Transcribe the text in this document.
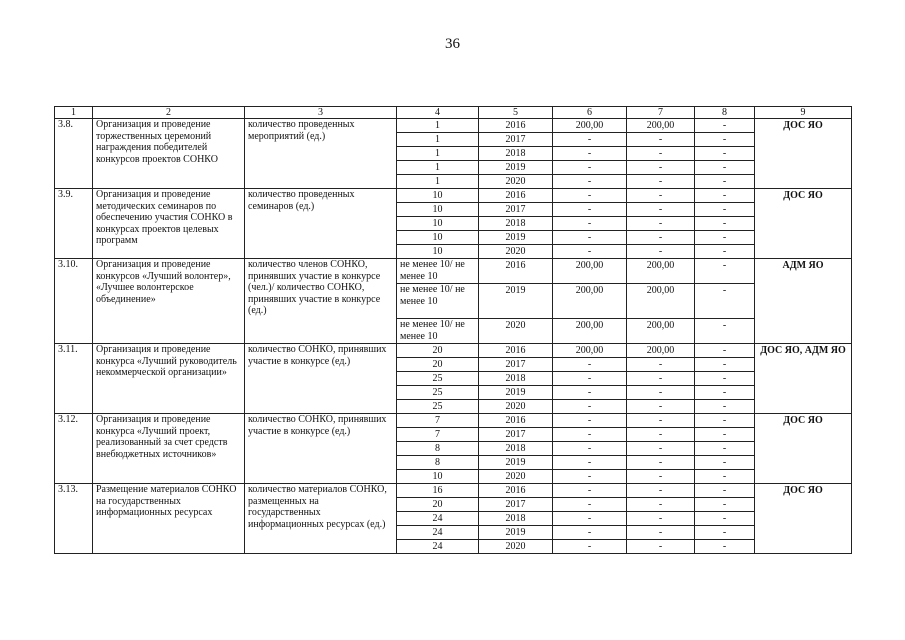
36
1	2	3	4	5	6	7	8	9
3.8.	Организация и проведение торжественных церемоний награждения победителей конкурсов проектов СОНКО	количество проведенных мероприятий (ед.)	1	2016	200,00	200,00	-	ДОС ЯО
			1	2017	-	-	-	
			1	2018	-	-	-	
			1	2019	-	-	-	
			1	2020	-	-	-	
3.9.	Организация и проведение методических семинаров по обеспечению участия СОНКО в конкурсах проектов целевых программ	количество проведенных семинаров (ед.)	10	2016	-	-	-	ДОС ЯО
			10	2017	-	-	-	
			10	2018	-	-	-	
			10	2019	-	-	-	
			10	2020	-	-	-	
3.10.	Организация и проведение конкурсов «Лучший волонтер», «Лучшее волонтерское объединение»	количество членов СОНКО, принявших участие в конкурсе (чел.)/ количество СОНКО, принявших участие в конкурсе (ед.)	не менее 10/ не менее 10	2016	200,00	200,00	-	АДМ ЯО
			не менее 10/ не менее 10	2019	200,00	200,00	-	
			не менее 10/ не менее 10	2020	200,00	200,00	-	
3.11.	Организация и проведение конкурса «Лучший руководитель некоммерческой организации»	количество СОНКО, принявших участие в конкурсе (ед.)	20	2016	200,00	200,00	-	ДОС ЯО, АДМ ЯО
			20	2017	-	-	-	
			25	2018	-	-	-	
			25	2019	-	-	-	
			25	2020	-	-	-	
3.12.	Организация и проведение конкурса «Лучший проект, реализованный за счет средств внебюджетных источников»	количество СОНКО, принявших участие в конкурсе (ед.)	7	2016	-	-	-	ДОС ЯО
			7	2017	-	-	-	
			8	2018	-	-	-	
			8	2019	-	-	-	
			10	2020	-	-	-	
3.13.	Размещение материалов СОНКО на государственных информационных ресурсах	количество материалов СОНКО, размещенных на государственных информационных ресурсах (ед.)	16	2016	-	-	-	ДОС ЯО
			20	2017	-	-	-	
			24	2018	-	-	-	
			24	2019	-	-	-	
			24	2020	-	-	-	
